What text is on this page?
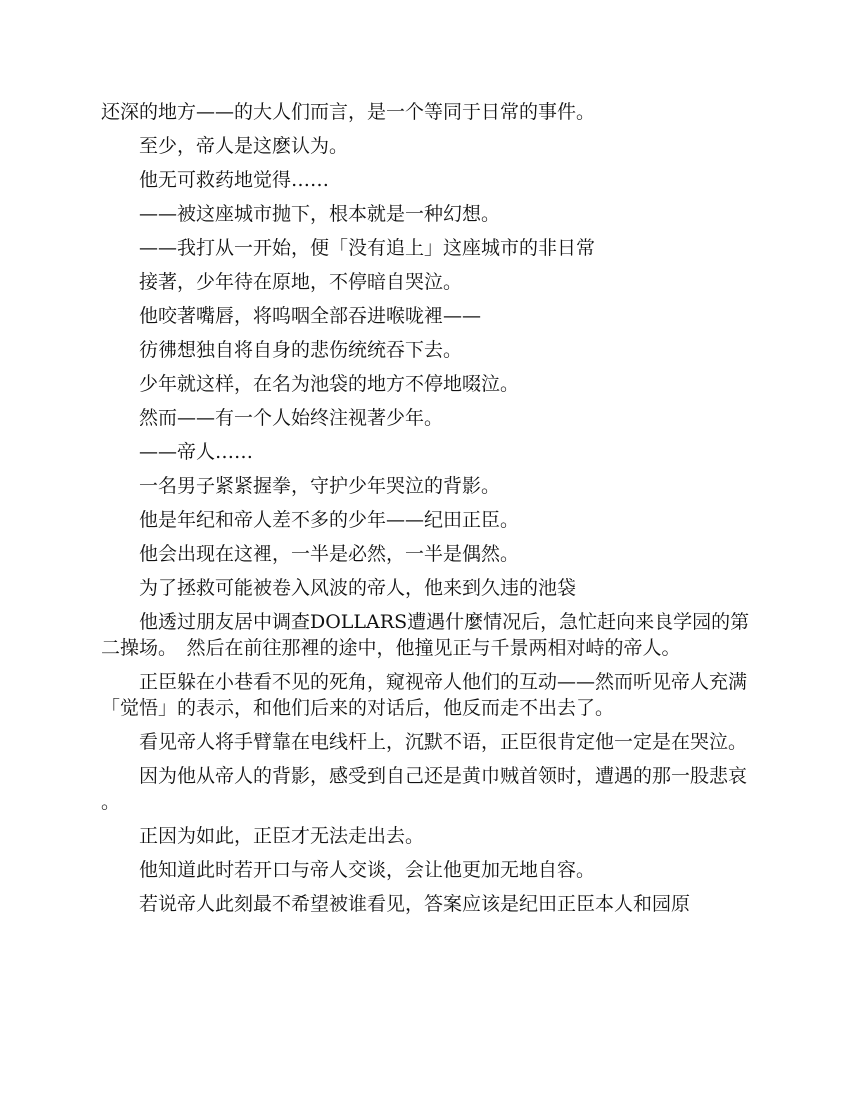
还深的地方——的大人们而言，是一个等同于日常的事件。

至少，帝人是这麽认为。

他无可救药地觉得……

——被这座城市抛下，根本就是一种幻想。

——我打从一开始，便「没有追上」这座城市的非日常

接著，少年待在原地，不停暗自哭泣。

他咬著嘴唇，将呜咽全部吞进喉咙裡——

彷彿想独自将自身的悲伤统统吞下去。

少年就这样，在名为池袋的地方不停地啜泣。

然而——有一个人始终注视著少年。

——帝人……

一名男子紧紧握拳，守护少年哭泣的背影。

他是年纪和帝人差不多的少年——纪田正臣。

他会出现在这裡，一半是必然，一半是偶然。

为了拯救可能被卷入风波的帝人，他来到久违的池袋

他透过朋友居中调查DOLLARS遭遇什麼情况后，急忙赶向来良学园的第二操场。　然后在前往那裡的途中，他撞见正与千景两相对峙的帝人。

正臣躲在小巷看不见的死角，窥视帝人他们的互动——然而听见帝人充满「觉悟」的表示，和他们后来的对话后，他反而走不出去了。

看见帝人将手臂靠在电线杆上，沉默不语，正臣很肯定他一定是在哭泣。

因为他从帝人的背影，感受到自己还是黄巾贼首领时，遭遇的那一股悲哀。

正因为如此，正臣才无法走出去。

他知道此时若开口与帝人交谈，会让他更加无地自容。

若说帝人此刻最不希望被谁看见，答案应该是纪田正臣本人和园原
